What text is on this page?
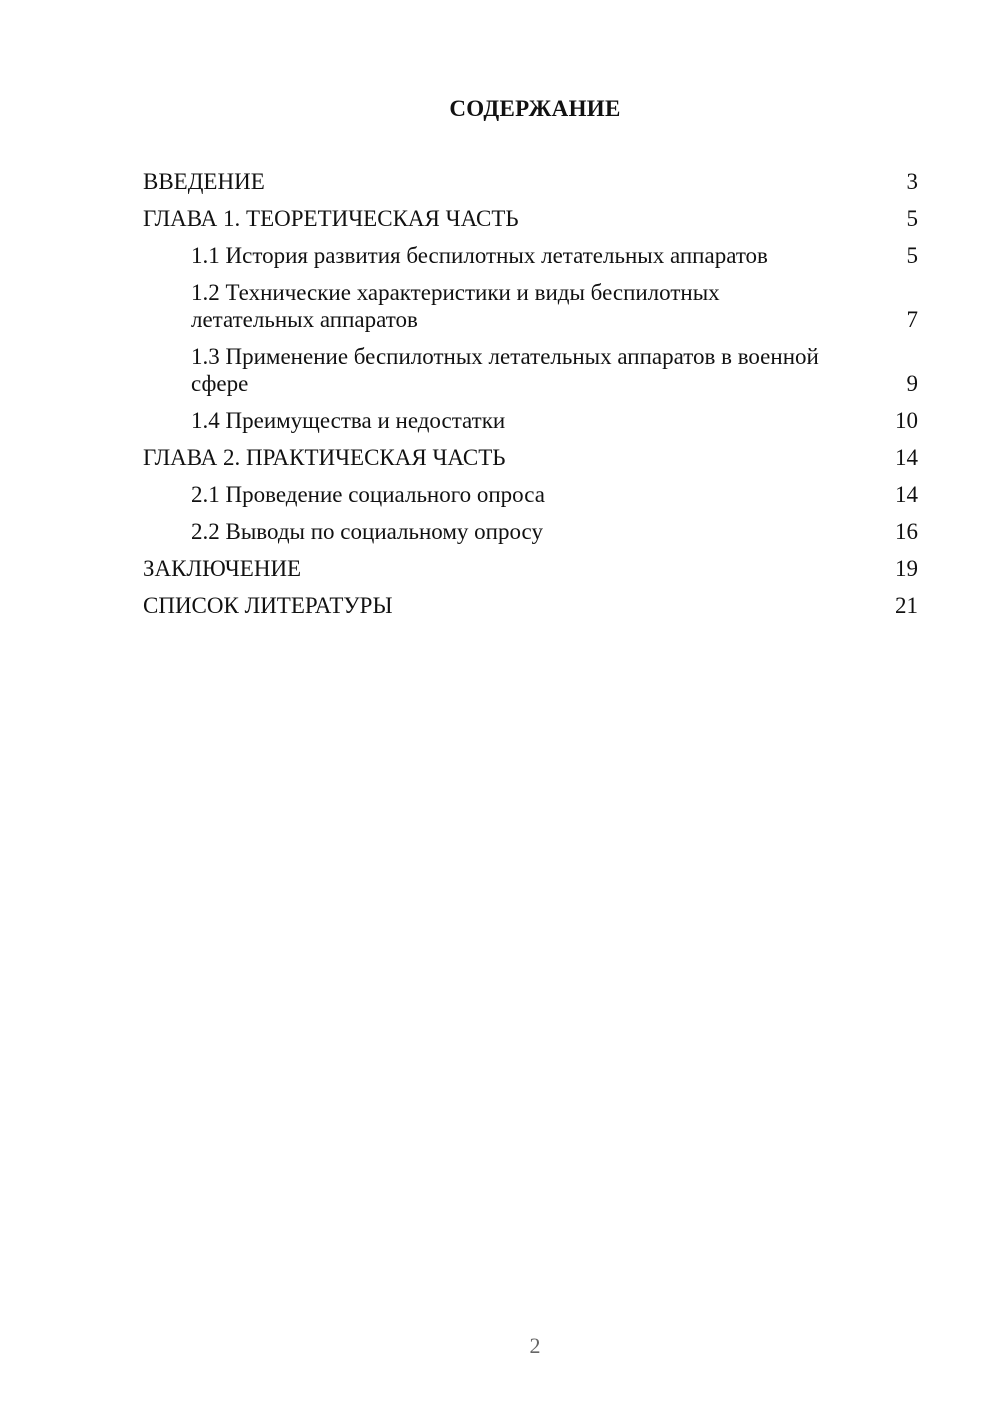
СОДЕРЖАНИЕ
ВВЕДЕНИЕ	3
ГЛАВА 1. ТЕОРЕТИЧЕСКАЯ ЧАСТЬ	5
1.1 История развития беспилотных летательных аппаратов	5
1.2 Технические характеристики и виды беспилотных летательных аппаратов	7
1.3 Применение беспилотных летательных аппаратов в военной сфере	9
1.4 Преимущества и недостатки	10
ГЛАВА 2. ПРАКТИЧЕСКАЯ ЧАСТЬ	14
2.1 Проведение социального опроса	14
2.2 Выводы по социальному опросу	16
ЗАКЛЮЧЕНИЕ	19
СПИСОК ЛИТЕРАТУРЫ	21
2
